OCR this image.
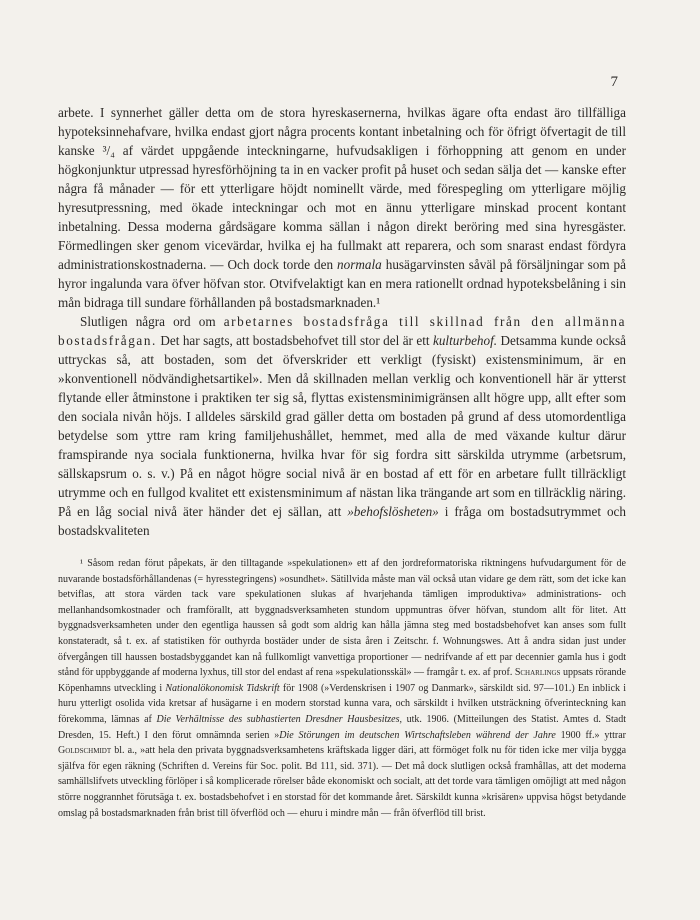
7

arbete. I synnerhet gäller detta om de stora hyreskasernerna, hvilkas ägare ofta endast äro tillfälliga hypoteksinnehafvare, hvilka endast gjort några procents kontant inbetalning och för öfrigt öfvertagit de till kanske ³/₄ af värdet uppgående inteckningarne, hufvudsakligen i förhoppning att genom en under högkonjunktur utpressad hyresförhöjning ta in en vacker profit på huset och sedan sälja det — kanske efter några få månader — för ett ytterligare höjdt nominellt värde, med förespegling om ytterligare möjlig hyresutpressning, med ökade inteckningar och mot en ännu ytterligare minskad procent kontant inbetalning. Dessa moderna gårdsägare komma sällan i någon direkt beröring med sina hyresgäster. Förmedlingen sker genom vicevärdar, hvilka ej ha fullmakt att reparera, och som snarast endast fördyra administrationskostnaderna. — Och dock torde den normala husägarvinsten såväl på försäljningar som på hyror ingalunda vara öfver höfvan stor. Otvifvelaktigt kan en mera rationellt ordnad hypoteksbelåning i sin mån bidraga till sundare förhållanden på bostadsmarknaden.¹

Slutligen några ord om arbetarnes bostadsfråga till skillnad från den allmänna bostadsfrågan. Det har sagts, att bostadsbehofvet till stor del är ett kulturbehof. Detsamma kunde också uttryckas så, att bostaden, som det öfverskrider ett verkligt (fysiskt) existensminimum, är en »konventionell nödvändighetsartikel». Men då skillnaden mellan verklig och konventionell här är ytterst flytande eller åtminstone i praktiken ter sig så, flyttas existensminimigränsen allt högre upp, allt efter som den sociala nivån höjs. I alldeles särskild grad gäller detta om bostaden på grund af dess utomordentliga betydelse som yttre ram kring familjehushållet, hemmet, med alla de med växande kultur därur framspirande nya sociala funktionerna, hvilka hvar för sig fordra sitt särskilda utrymme (arbetsrum, sällskapsrum o. s. v.) På en något högre social nivå är en bostad af ett för en arbetare fullt tillräckligt utrymme och en fullgod kvalitet ett existensminimum af nästan lika trängande art som en tillräcklig näring. På en låg social nivå äter händer det ej sällan, att »behofslösheten» i fråga om bostadsutrymmet och bostadskvaliteten

¹ Såsom redan förut påpekats, är den tilltagande »spekulationen» ett af den jordreformatoriska riktningens hufvudargument för de nuvarande bostadsförhållandenas (= hyresstegringens) »osundhet». Sätillvida måste man väl också utan vidare ge dem rätt, som det icke kan betviflas, att stora värden tack vare spekulationen slukas af hvarjehanda tämligen improduktiva» administrations- och mellanhandsomkostnader och framförallt, att byggnadsverksamheten stundom uppmuntras öfver höfvan, stundom allt för litet. Att byggnadsverksamheten under den egentliga haussen så godt som aldrig kan hålla jämna steg med bostadsbehofvet kan anses som fullt konstateradt, så t. ex. af statistiken för outhyrda bostäder under de sista åren i Zeitschr. f. Wohnungswes. Att å andra sidan just under öfvergången till haussen bostadsbyggandet kan nå fullkomligt vanvettiga proportioner — nedrifvande af ett par decennier gamla hus i godt stånd för uppbyggande af moderna lyxhus, till stor del endast af rena »spekulationsskäl» — framgår t. ex. af prof. Scharlings uppsats rörande Köpenhamns utveckling i Nationalökonomisk Tidskrift för 1908 (»Verdenskrisen i 1907 og Danmark», särskildt sid. 97—101.) En inblick i huru ytterligt osolida vida kretsar af husägarne i en modern storstad kunna vara, och särskildt i hvilken utsträckning öfverinteckning kan förekomma, lämnas af Die Verhältnisse des subhastierten Dresdner Hausbesitzes, utk. 1906. (Mitteilungen des Statist. Amtes d. Stadt Dresden, 15. Heft.) I den förut omnämnda serien »Die Störungen im deutschen Wirtschaftsleben während der Jahre 1900 ff.» yttrar Goldschmidt bl. a., »att hela den privata byggnadsverksamhetens kräftskada ligger däri, att förmöget folk nu för tiden icke mer vilja bygga själfva för egen räkning (Schriften d. Vereins für Soc. polit. Bd 111, sid. 371). — Det må dock slutligen också framhållas, att det moderna samhällslifvets utveckling förlöper i så komplicerade rörelser både ekonomiskt och socialt, att det torde vara tämligen omöjligt att med någon större noggrannhet förutsäga t. ex. bostadsbehofvet i en storstad för det kommande året. Särskildt kunna »krisären» uppvisa högst betydande omslag på bostadsmarknaden från brist till öfverflöd och — ehuru i mindre mån — från öfverflöd till brist.
